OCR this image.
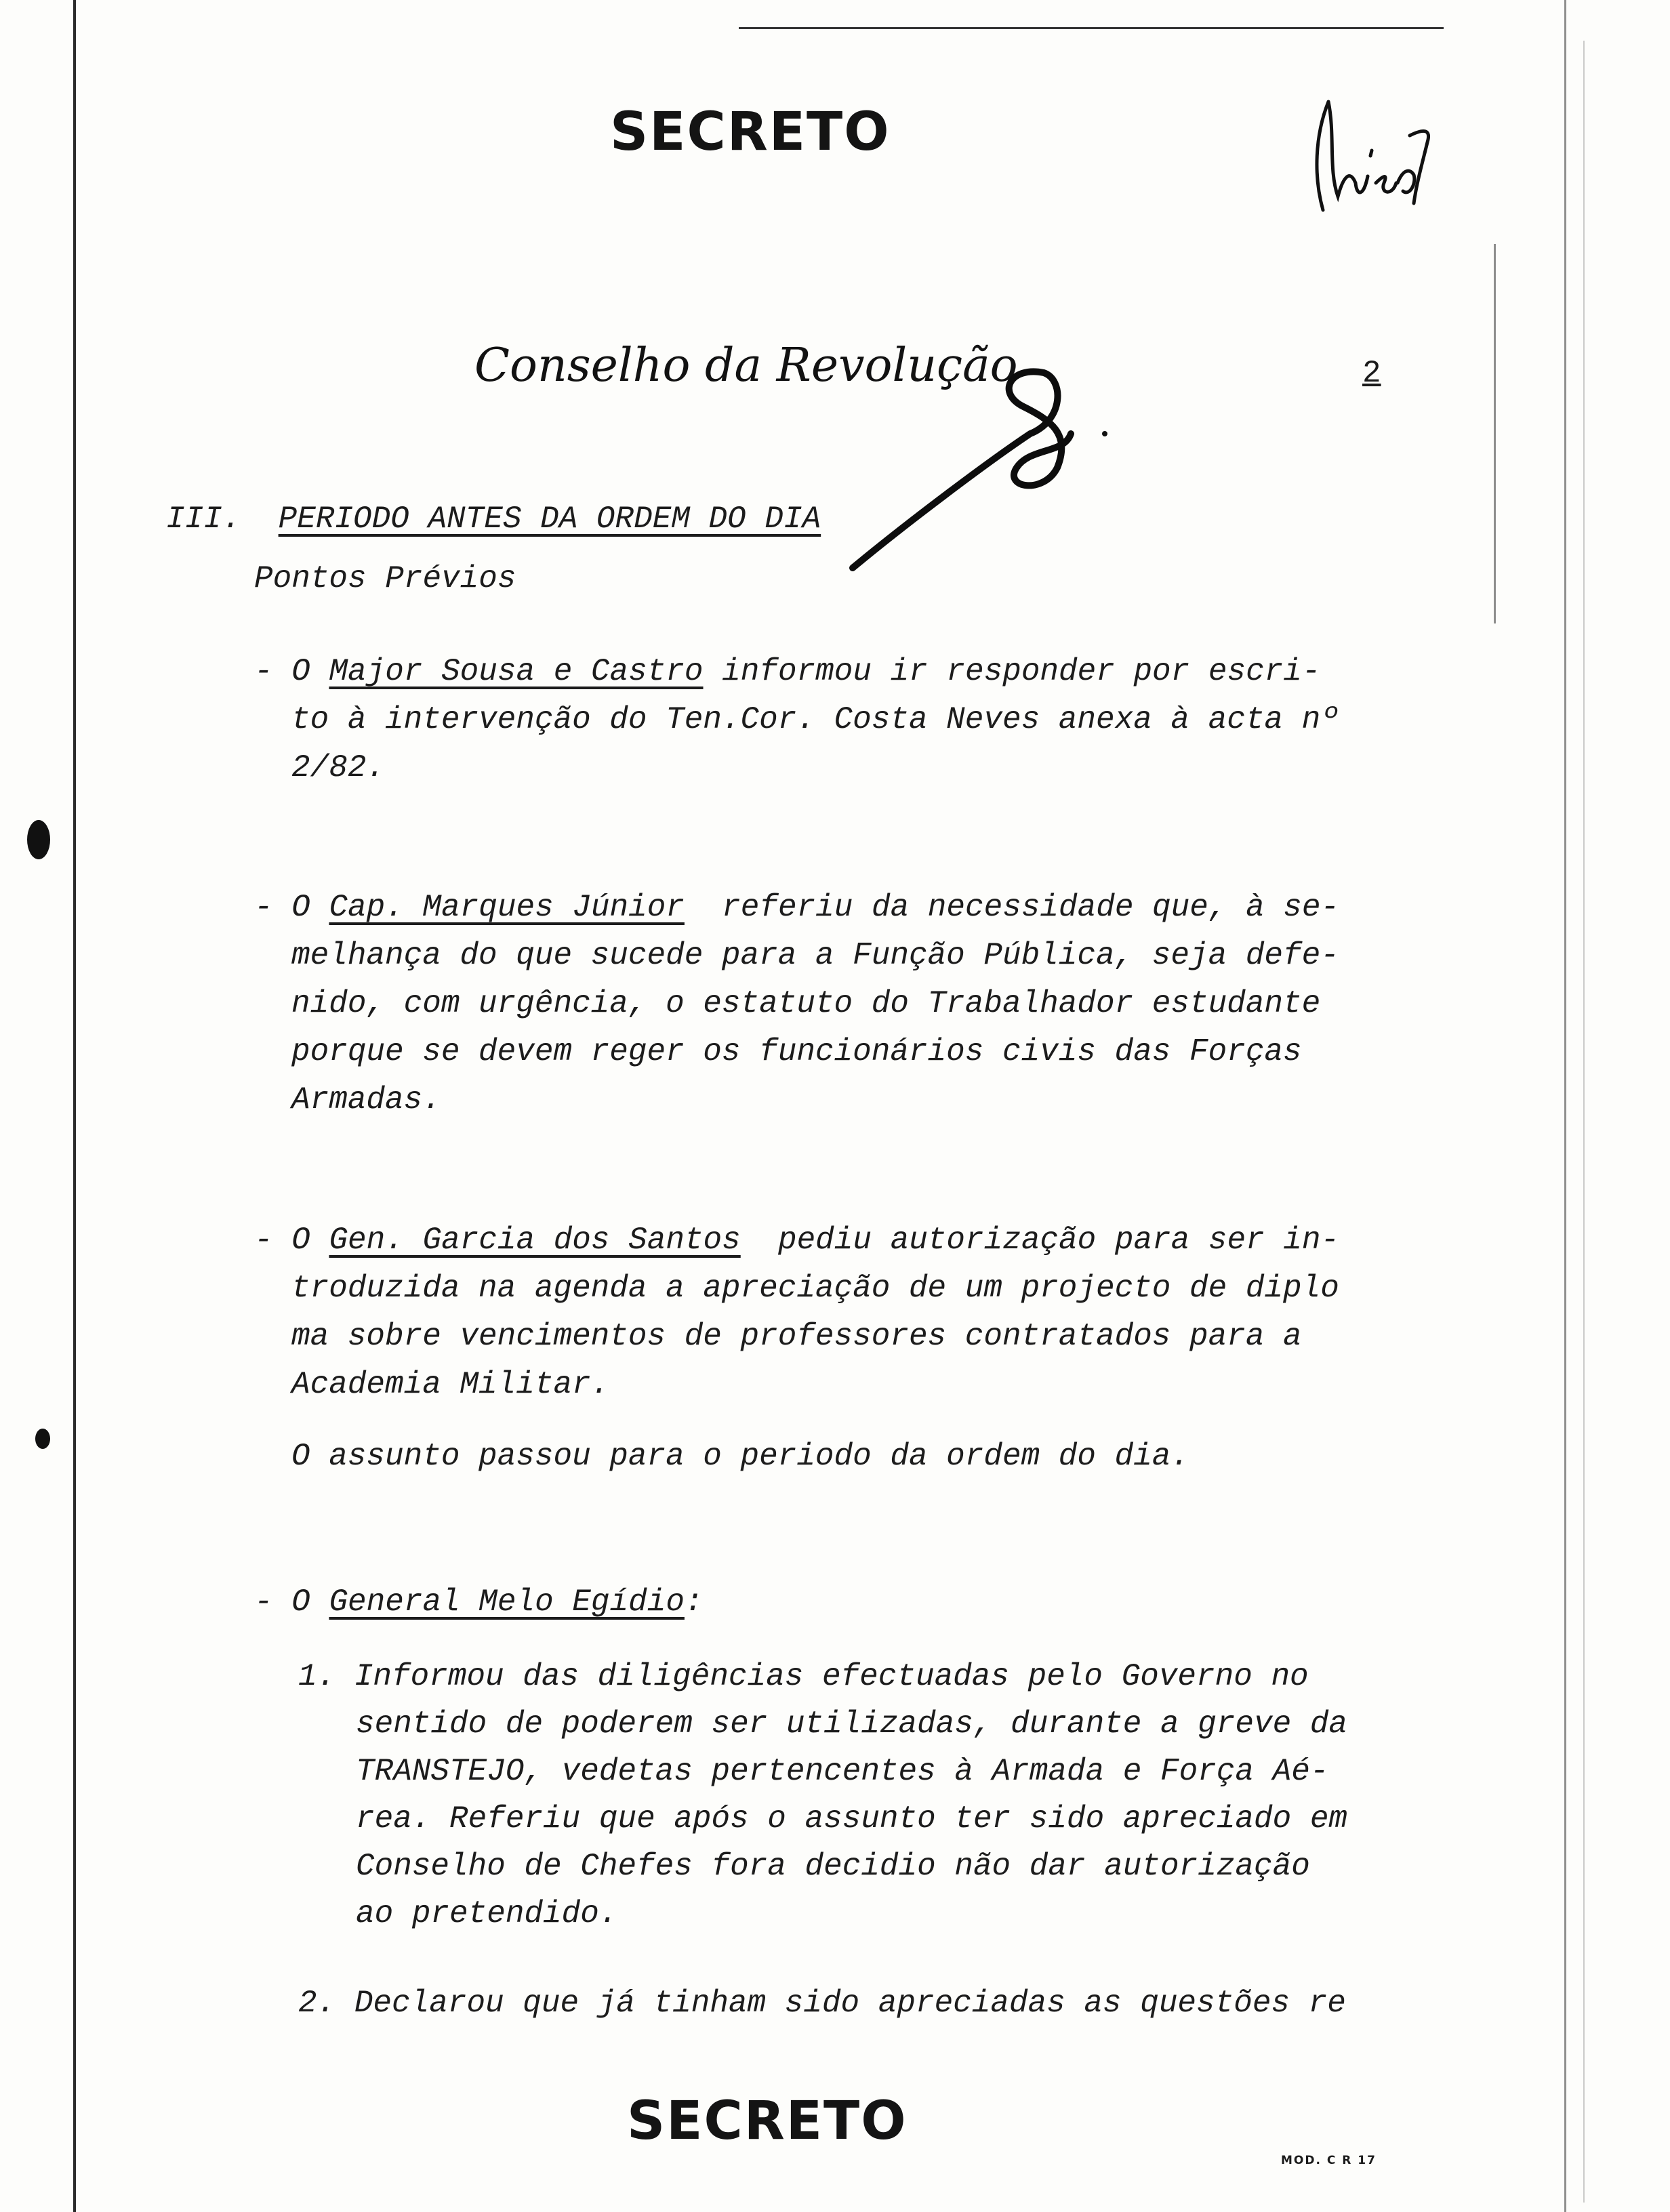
SECRETO
SECRETO
Conselho da Revolução	2

III. PERIODO ANTES DA ORDEM DO DIA

Pontos Prévios

- O Major Sousa e Castro informou ir responder por escri-

to à intervenção do Ten.Cor. Costa Neves anexa à acta nº

2/82.

- O Cap. Marques Júnior referiu da necessidade que, à se-

melhança do que sucede para a Função Pública, seja defe-

nido, com urgência, o estatuto do Trabalhador estudante

porque se devem reger os funcionários civis das Forças

Armadas.

- O Gen. Garcia dos Santos pediu autorização para ser in-

troduzida na agenda a apreciação de um projecto de diplo

ma sobre vencimentos de professores contratados para a

Academia Militar.

O assunto passou para o periodo da ordem do dia.

- O General Melo Egídio:

1. Informou das diligências efectuadas pelo Governo no

sentido de poderem ser utilizadas, durante a greve da

TRANSTEJO, vedetas pertencentes à Armada e Força Aé-

rea. Referiu que após o assunto ter sido apreciado em

Conselho de Chefes fora decidio não dar autorização

ao pretendido.

2. Declarou que já tinham sido apreciadas as questões re

MOD. C R 17
